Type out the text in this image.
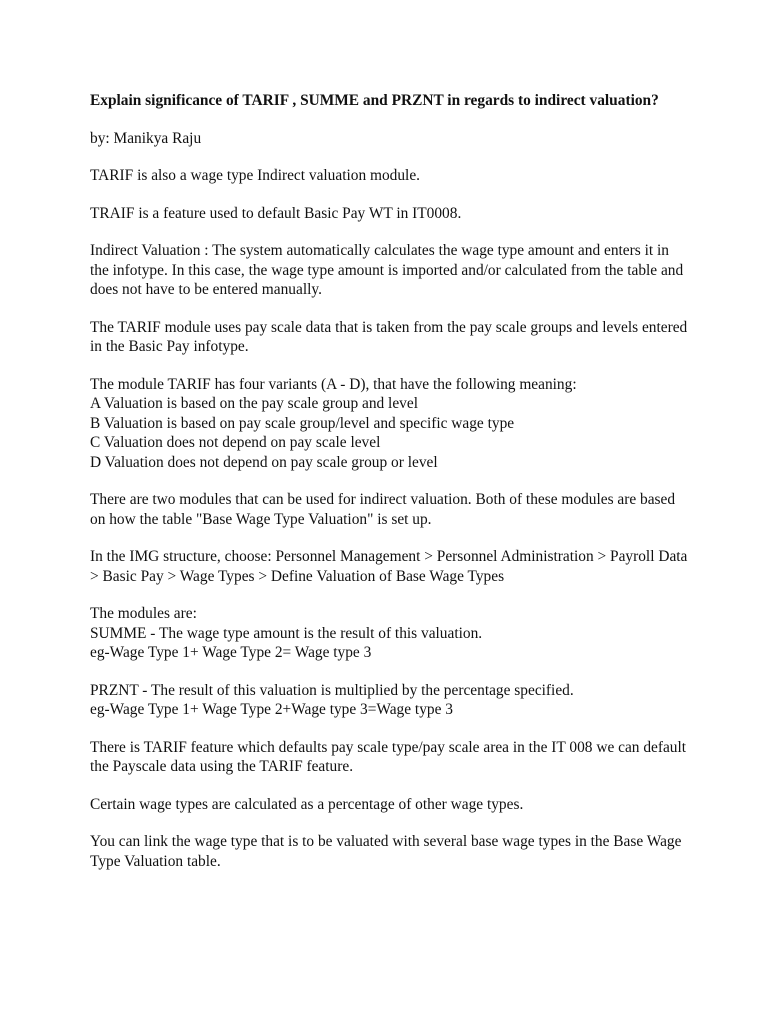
Explain significance of TARIF , SUMME and PRZNT in regards to indirect valuation?

by: Manikya Raju

TARIF is also a wage type Indirect valuation module.

TRAIF is a feature used to default Basic Pay WT in IT0008.

Indirect Valuation : The system automatically calculates the wage type amount and enters it in the infotype. In this case, the wage type amount is imported and/or calculated from the table and does not have to be entered manually.

The TARIF module uses pay scale data that is taken from the pay scale groups and levels entered in the Basic Pay infotype.

The module TARIF has four variants (A - D), that have the following meaning:
A Valuation is based on the pay scale group and level
B Valuation is based on pay scale group/level and specific wage type
C Valuation does not depend on pay scale level
D Valuation does not depend on pay scale group or level

There are two modules that can be used for indirect valuation. Both of these modules are based on how the table "Base Wage Type Valuation" is set up.

In the IMG structure, choose: Personnel Management > Personnel Administration > Payroll Data > Basic Pay > Wage Types > Define Valuation of Base Wage Types

The modules are:
SUMME - The wage type amount is the result of this valuation.
eg-Wage Type 1+ Wage Type 2= Wage type 3
PRZNT - The result of this valuation is multiplied by the percentage specified.
eg-Wage Type 1+ Wage Type 2+Wage type 3=Wage type 3

There is TARIF feature which defaults pay scale type/pay scale area in the IT 008 we can default the Payscale data using the TARIF feature.

Certain wage types are calculated as a percentage of other wage types.

You can link the wage type that is to be valuated with several base wage types in the Base Wage Type Valuation table.
